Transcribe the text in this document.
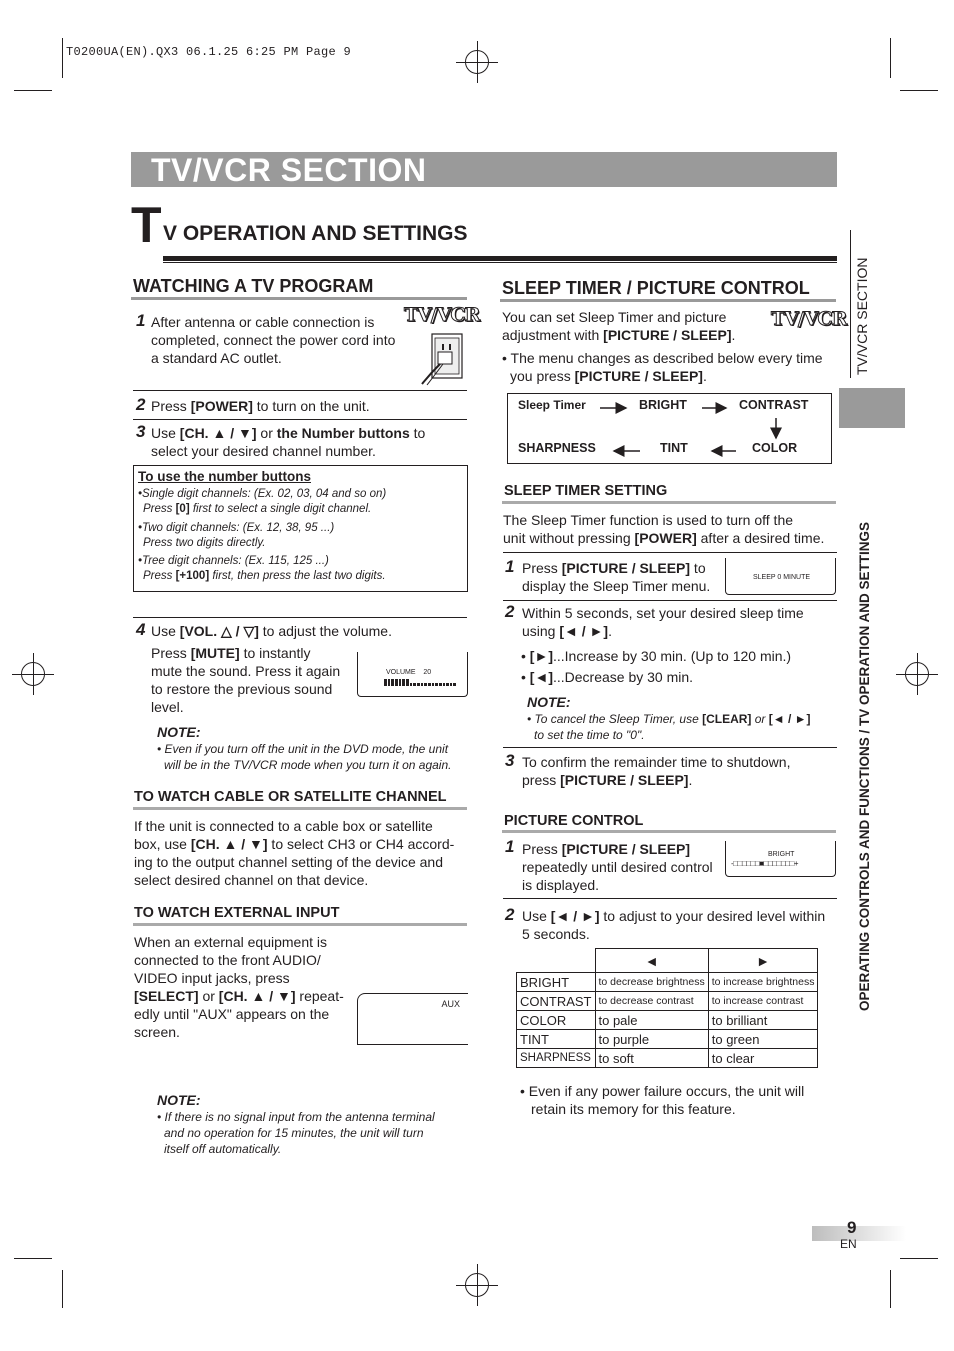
T0200UA(EN).QX3 06.1.25 6:25 PM Page 9
TV/VCR SECTION
T V OPERATION AND SETTINGS
WATCHING A TV PROGRAM
TV/VCR
1 After antenna or cable connection is
completed, connect the power cord into
a standard AC outlet.
2 Press [POWER] to turn on the unit.
3 Use [CH. ▲ / ▼] or the Number buttons to
select your desired channel number.
To use the number buttons
•Single digit channels: (Ex. 02, 03, 04 and so on)
Press [0] first to select a single digit channel.
•Two digit channels: (Ex. 12, 38, 95 ...)
Press two digits directly.
•Tree digit channels: (Ex. 115, 125 ...)
Press [+100] first, then press the last two digits.
4 Use [VOL. △ / ▽] to adjust the volume.
Press [MUTE] to instantly
mute the sound. Press it again
to restore the previous sound
level.
VOLUME 20
NOTE:
• Even if you turn off the unit in the DVD mode, the unit
will be in the TV/VCR mode when you turn it on again.
TO WATCH CABLE OR SATELLITE CHANNEL
If the unit is connected to a cable box or satellite
box, use [CH. ▲ / ▼] to select CH3 or CH4 accord-
ing to the output channel setting of the device and
select desired channel on that device.
TO WATCH EXTERNAL INPUT
When an external equipment is
connected to the front AUDIO/
VIDEO input jacks, press
[SELECT] or [CH. ▲ / ▼] repeat-
edly until "AUX" appears on the
screen.
AUX
NOTE:
• If there is no signal input from the antenna terminal
and no operation for 15 minutes, the unit will turn
itself off automatically.
SLEEP TIMER / PICTURE CONTROL
TV/VCR
You can set Sleep Timer and picture
adjustment with [PICTURE / SLEEP].
• The menu changes as described below every time
you press [PICTURE / SLEEP].
Sleep Timer	BRIGHT	CONTRAST
SHARPNESS	TINT	COLOR
SLEEP TIMER SETTING
The Sleep Timer function is used to turn off the
unit without pressing [POWER] after a desired time.
1 Press [PICTURE / SLEEP] to
display the Sleep Timer menu.
SLEEP 0 MINUTE
2 Within 5 seconds, set your desired sleep time
using [◄ / ►].
• [►]...Increase by 30 min. (Up to 120 min.)
• [◄]...Decrease by 30 min.
NOTE:
• To cancel the Sleep Timer, use [CLEAR] or [◄ / ►]
to set the time to "0".
3 To confirm the remainder time to shutdown,
press [PICTURE / SLEEP].
PICTURE CONTROL
1 Press [PICTURE / SLEEP]
repeatedly until desired control
is displayed.
BRIGHT
-□□□□□□■□□□□□□□+
2 Use [◄ / ►] to adjust to your desired level within
5 seconds.
	◄	►
BRIGHT	to decrease brightness	to increase brightness
CONTRAST	to decrease contrast	to increase contrast
COLOR	to pale	to brilliant
TINT	to purple	to green
SHARPNESS	to soft	to clear
• Even if any power failure occurs, the unit will
retain its memory for this feature.
TV/VCR SECTION
OPERATING CONTROLS AND FUNCTIONS / TV OPERATION AND SETTINGS
9
EN
